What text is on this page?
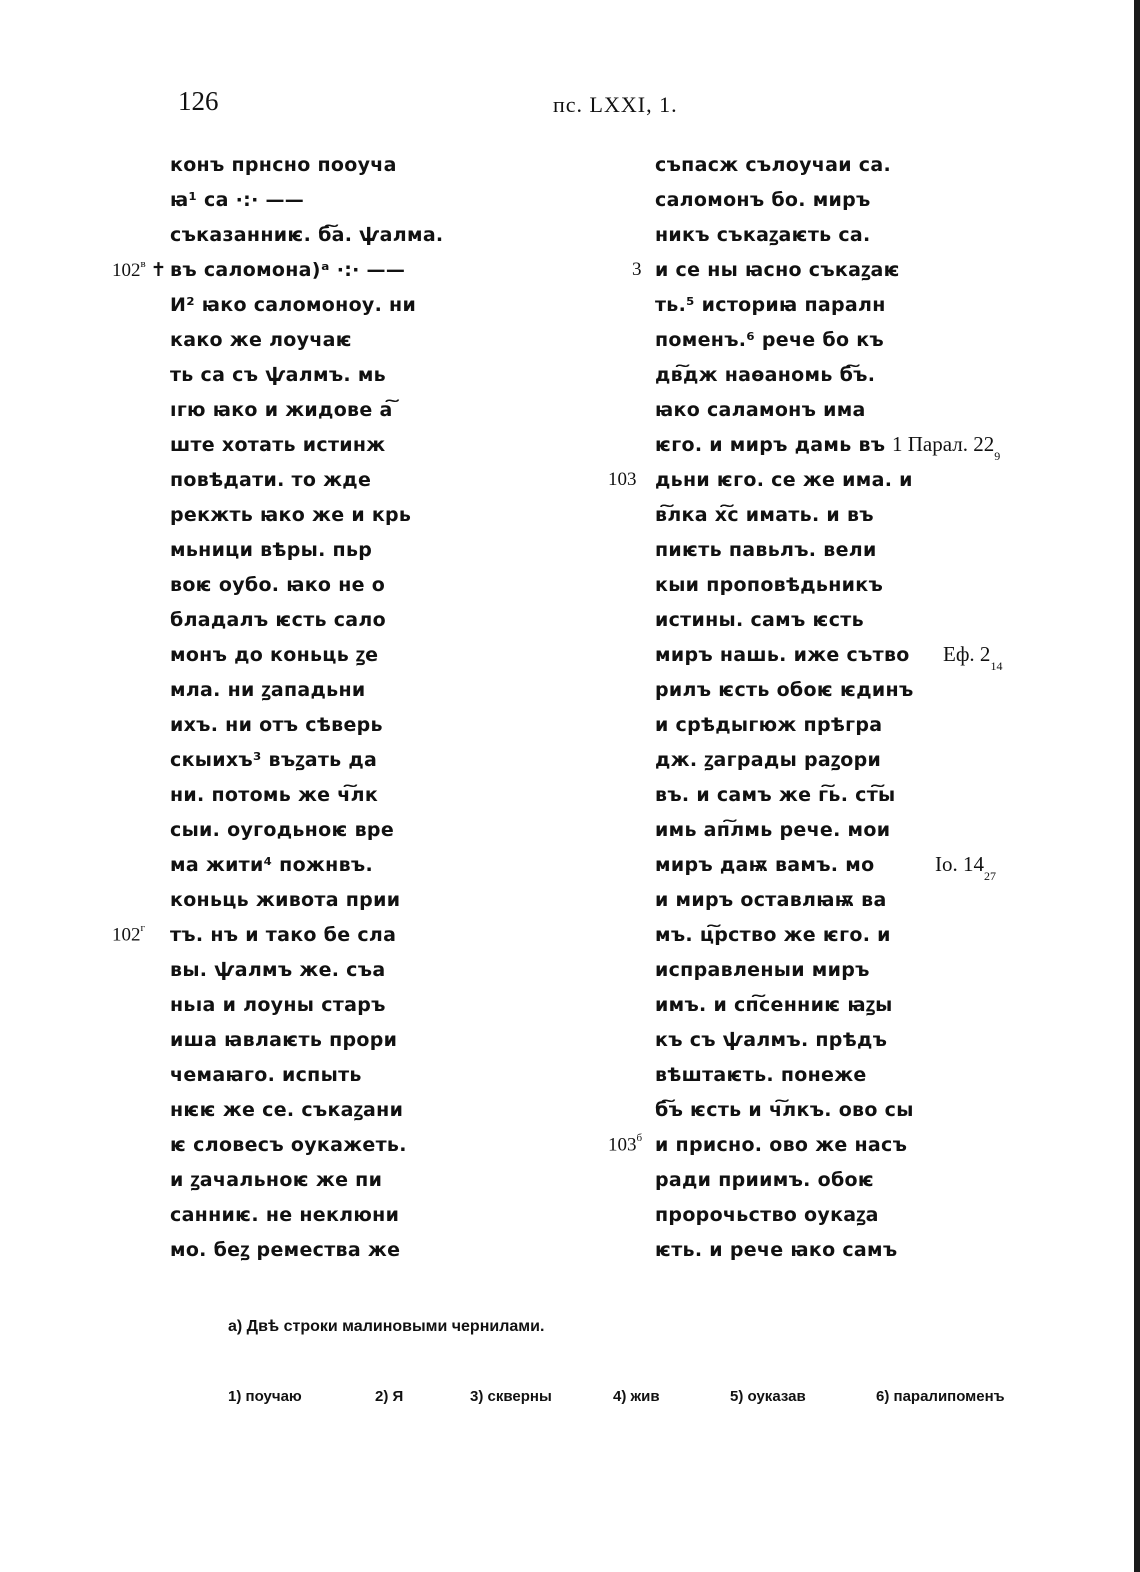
126	пс. LXXI, 1.
конъ прнсно пооучa
ꙗ¹ са ·:· ——
съказанниѥ. б͠а. ѱалма.
въ саломона)ᵃ ·:· ——
И² ꙗко саломоноу. ни
како же лоучаѥ
ть са съ ѱалмъ. мь
ıгю ꙗко и жидове а͠
ште хотать истинж
повѣдати. то жде
рекжть ꙗко же и крь
мьници вѣры. пьр
воѥ оубо. ꙗко не о
бладалъ ѥсть сало
монъ до коньць ꙁе
мла. ни ꙁападьни
ихъ. ни отъ сѣверь
скыихъ³ въꙁать да
ни. потомь же ч͠лк
сыи. оугодьноѥ вре
ма жити⁴ пожнвъ.
коньць живота прии
тъ. нъ и тако бе сла
вы. ѱалмъ же. съа
ньıа и лоуны старъ
иша ꙗвлаѥть прори
чемаꙗго. испыть
нѥѥ же се. съкаꙁани
ѥ словесъ оукажеть.
и ꙁачальноѥ же пи
санниѥ. не неклюни
мо. беꙁ ремества же
съпасж сълоучаи са.
саломонъ бо. миръ
никъ съкаꙁаѥть са.
и се ны ꙗсно съкаꙁаѥ
ть.⁵ историꙗ паралн
поменъ.⁶ рече бо къ
дв͠дж наѳаномь б͠ъ.
ꙗко саламонъ има
ѥго. и миръ дамь въ
дьни ѥго. се же има. и
в͠лка х͠с имать. и въ
пиѥть павьлъ. вели
кыи проповѣдьникъ
истины. самъ ѥсть
миръ нашь. иже сътво
рилъ ѥсть обоѥ ѥдинъ
и срѣдыгюж прѣгра
дж. ꙁаграды раꙁори
въ. и самъ же г͠ь. ст͠ы
имь ап͠лмь рече. мои
миръ даѭ вамъ. мо
и миръ оставлꙗѭ ва
мъ. ц͠рство же ѥго. и
исправленыи миръ
имъ. и сп͠сенниѥ ꙗꙁы
къ съ ѱалмъ. прѣдъ
вѣштаѥть. понеже
б͠ъ ѥсть и ч͠лкъ. ово сы
и присно. ово же насъ
ради приимъ. обоѥ
пророчьство оукаꙁа
ѥть. и рече ꙗко самъ
$102^в$ ✝
$102^г$
3
103
$103^б$
1 Парал. $22_9$
Еф. $2_{14}$
Io. $14_{27}$
а) Двѣ строки малиновыми чернилами.
1) поучаю	2) Я	3) скверны	4) жив	5) оуказав	6) паралипоменъ
